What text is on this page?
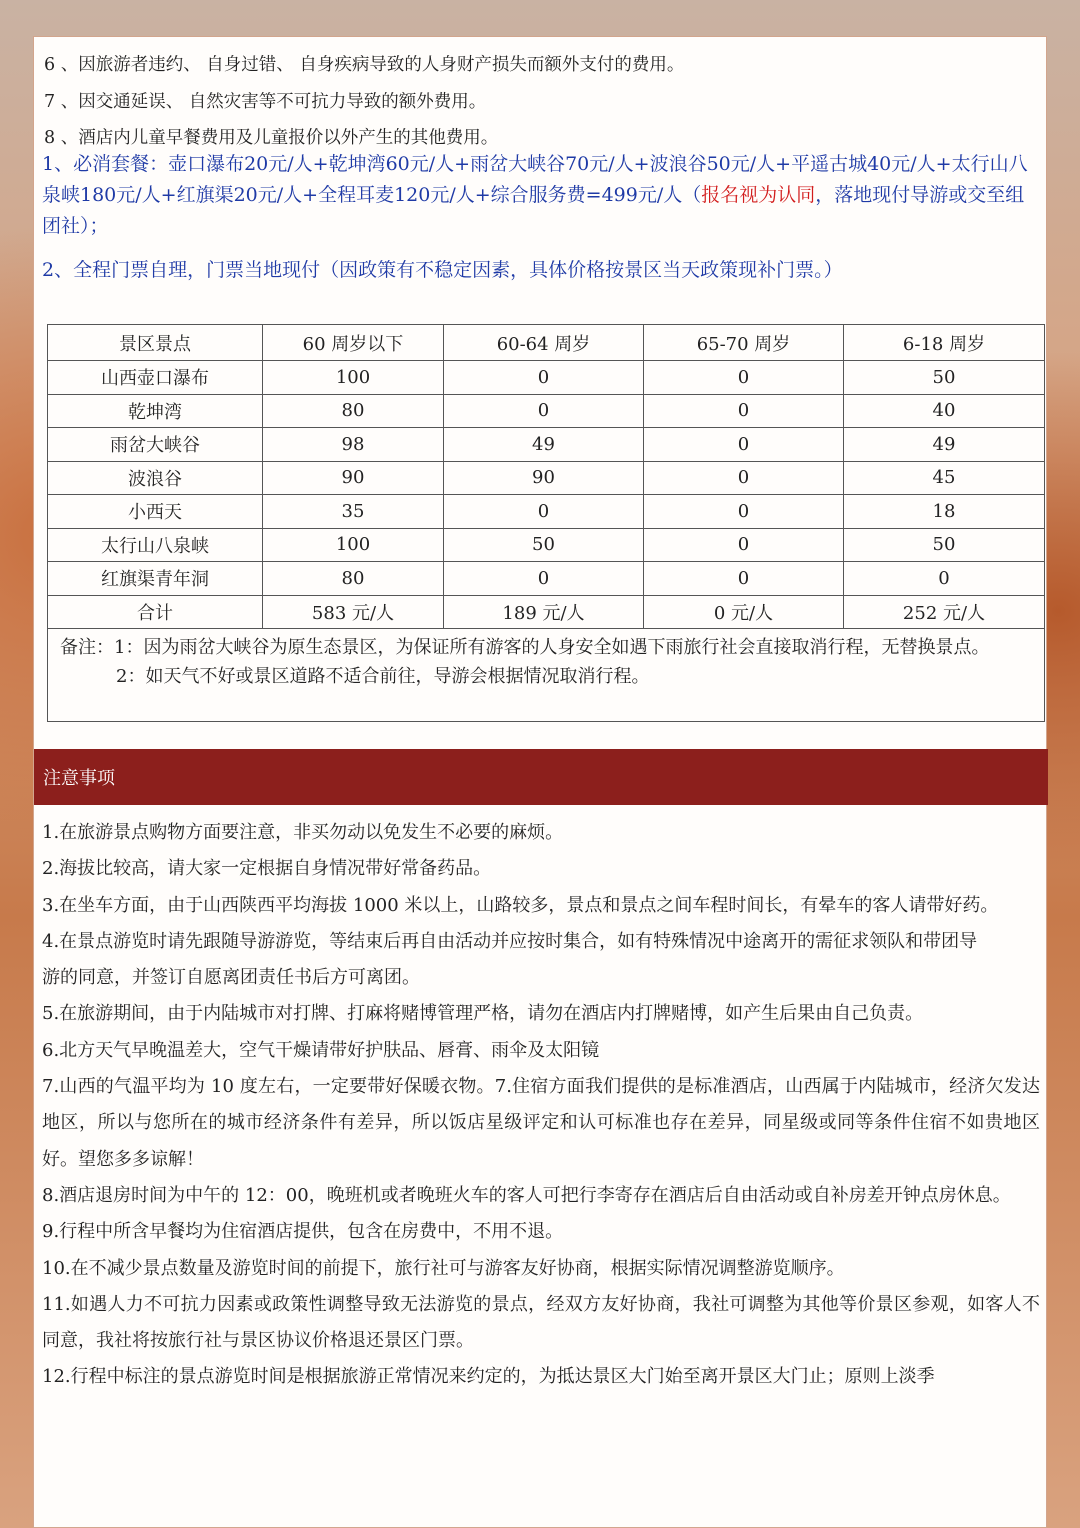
6 、因旅游者违约、 自身过错、 自身疾病导致的人身财产损失而额外支付的费用。
7 、因交通延误、 自然灾害等不可抗力导致的额外费用。
8 、酒店内儿童早餐费用及儿童报价以外产生的其他费用。
1、必消套餐：壶口瀑布20元/人+乾坤湾60元/人+雨岔大峡谷70元/人+波浪谷50元/人+平遥古城40元/人+太行山八泉峡180元/人+红旗渠20元/人+全程耳麦120元/人+综合服务费=499元/人（报名视为认同，落地现付导游或交至组团社）；
2、全程门票自理，门票当地现付（因政策有不稳定因素，具体价格按景区当天政策现补门票。）
景区景点	60 周岁以下	60-64 周岁	65-70 周岁	6-18 周岁
山西壶口瀑布	100	0	0	50
乾坤湾	80	0	0	40
雨岔大峡谷	98	49	0	49
波浪谷	90	90	0	45
小西天	35	0	0	18
太行山八泉峡	100	50	0	50
红旗渠青年洞	80	0	0	0
合计	583 元/人	189 元/人	0 元/人	252 元/人

备注：1：因为雨岔大峡谷为原生态景区，为保证所有游客的人身安全如遇下雨旅行社会直接取消行程，无替换景点。
2：如天气不好或景区道路不适合前往，导游会根据情况取消行程。				
注意事项

1.在旅游景点购物方面要注意，非买勿动以免发生不必要的麻烦。

2.海拔比较高，请大家一定根据自身情况带好常备药品。

3.在坐车方面，由于山西陕西平均海拔 1000 米以上，山路较多，景点和景点之间车程时间长，有晕车的客人请带好药。

4.在景点游览时请先跟随导游游览，等结束后再自由活动并应按时集合，如有特殊情况中途离开的需征求领队和带团导

游的同意，并签订自愿离团责任书后方可离团。

5.在旅游期间，由于内陆城市对打牌、打麻将赌博管理严格，请勿在酒店内打牌赌博，如产生后果由自己负责。

6.北方天气早晚温差大，空气干燥请带好护肤品、唇膏、雨伞及太阳镜

7.山西的气温平均为 10 度左右，一定要带好保暖衣物。7.住宿方面我们提供的是标准酒店，山西属于内陆城市，经济欠发达地区，所以与您所在的城市经济条件有差异，所以饭店星级评定和认可标准也存在差异，同星级或同等条件住宿不如贵地区好。望您多多谅解！

8.酒店退房时间为中午的 12：00，晚班机或者晚班火车的客人可把行李寄存在酒店后自由活动或自补房差开钟点房休息。

9.行程中所含早餐均为住宿酒店提供，包含在房费中，不用不退。

10.在不减少景点数量及游览时间的前提下，旅行社可与游客友好协商，根据实际情况调整游览顺序。

11.如遇人力不可抗力因素或政策性调整导致无法游览的景点，经双方友好协商，我社可调整为其他等价景区参观，如客人不同意，我社将按旅行社与景区协议价格退还景区门票。

12.行程中标注的景点游览时间是根据旅游正常情况来约定的，为抵达景区大门始至离开景区大门止；原则上淡季
